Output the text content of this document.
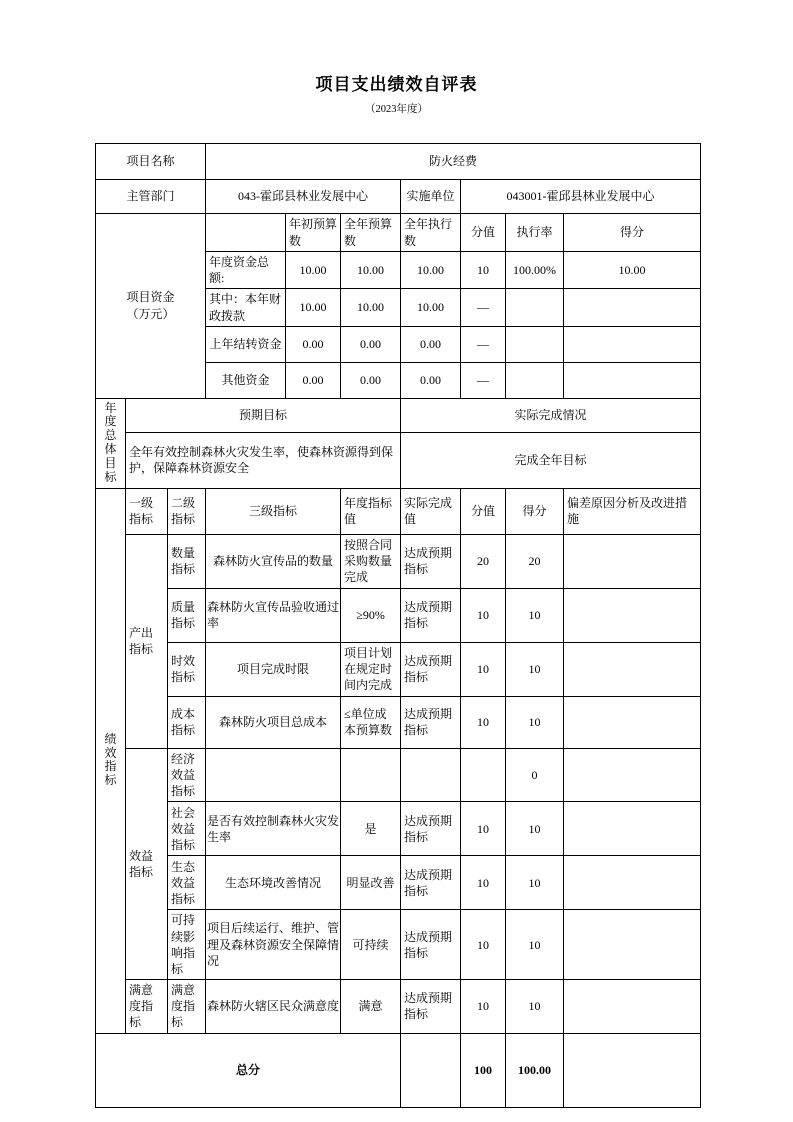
项目支出绩效自评表
（2023年度）
项目名称			防火经费						
主管部门			043-霍邱县林业发展中心			实施单位	043001-霍邱县林业发展中心		
项目资金（万元）				年初预算数	全年预算数	全年执行数	分值	执行率	得分
			年度资金总额:	10.00	10.00	10.00	10	100.00%	10.00
			其中：本年财政拨款	10.00	10.00	10.00	—		
			上年结转资金	0.00	0.00	0.00	—		
			其他资金	0.00	0.00	0.00	—		
年度总体目标	预期目标					实际完成情况			
	全年有效控制森林火灾发生率，使森林资源得到保护，保障森林资源安全					完成全年目标			
绩效指标	一级指标	二级指标	三级指标		年度指标值	实际完成值	分值	得分	偏差原因分析及改进措施
	产出指标	数量指标	森林防火宣传品的数量		按照合同采购数量完成	达成预期指标	20	20	
		质量指标	森林防火宣传品验收通过率		≥90%	达成预期指标	10	10	
		时效指标	项目完成时限		项目计划在规定时间内完成	达成预期指标	10	10	
		成本指标	森林防火项目总成本		≤单位成本预算数	达成预期指标	10	10	
	效益指标	经济效益指标						0	
		社会效益指标	是否有效控制森林火灾发生率		是	达成预期指标	10	10	
		生态效益指标	生态环境改善情况		明显改善	达成预期指标	10	10	
		可持续影响指标	项目后续运行、维护、管理及森林资源安全保障情况		可持续	达成预期指标	10	10	
	满意度指标	满意度指标	森林防火辖区民众满意度		满意	达成预期指标	10	10	
总分							100	100.00	
